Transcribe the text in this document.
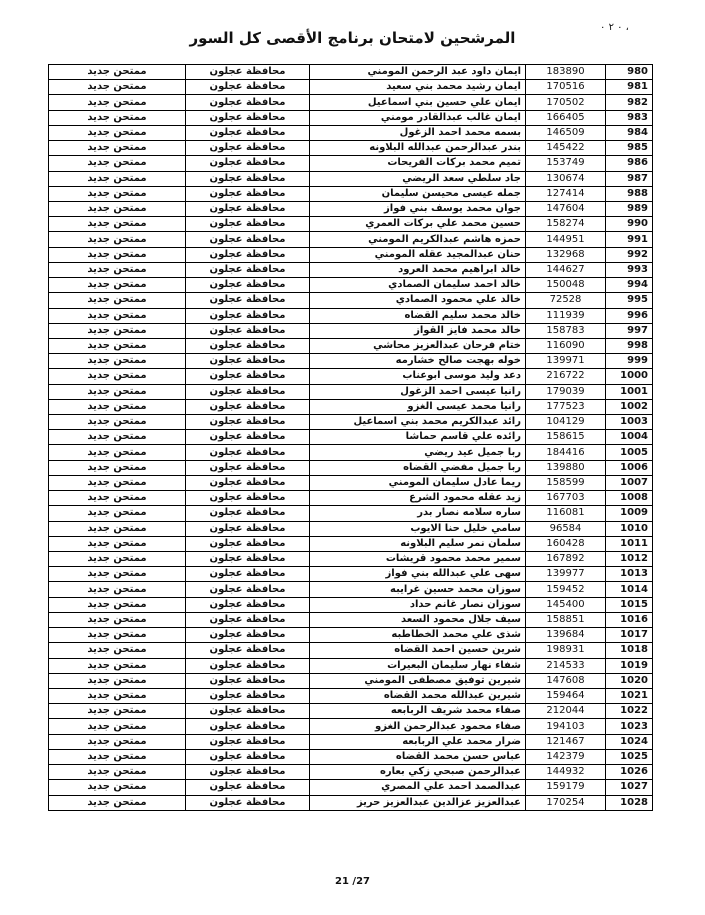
٠ ٢ ٠ ،
المرشحين لامتحان برنامج الأقصى كل السور
980	183890	ايمان داود عبد الرحمن المومني	محافظة عجلون	ممتحن جديد
981	170516	ايمان رشيد محمد بني سعيد	محافظة عجلون	ممتحن جديد
982	170502	ايمان علي حسين بني اسماعيل	محافظة عجلون	ممتحن جديد
983	166405	ايمان غالب عبدالقادر مومني	محافظة عجلون	ممتحن جديد
984	146509	بسمه محمد احمد الزغول	محافظة عجلون	ممتحن جديد
985	145422	بندر عبدالرحمن عبدالله البلاونه	محافظة عجلون	ممتحن جديد
986	153749	تميم محمد بركات الفريحات	محافظة عجلون	ممتحن جديد
987	130674	جاد سلطي سعد الريضي	محافظة عجلون	ممتحن جديد
988	127414	جمله عيسى محيسن سليمان	محافظة عجلون	ممتحن جديد
989	147604	جوان محمد يوسف بني فواز	محافظة عجلون	ممتحن جديد
990	158274	حسين محمد علي بركات العمري	محافظة عجلون	ممتحن جديد
991	144951	حمزه هاشم عبدالكريم المومني	محافظة عجلون	ممتحن جديد
992	132968	حنان عبدالمجيد عقله المومني	محافظة عجلون	ممتحن جديد
993	144627	خالد ابراهيم محمد العرود	محافظة عجلون	ممتحن جديد
994	150048	خالد احمد سليمان الصمادي	محافظة عجلون	ممتحن جديد
995	72528	خالد علي محمود الصمادي	محافظة عجلون	ممتحن جديد
996	111939	خالد محمد سليم القضاه	محافظة عجلون	ممتحن جديد
997	158783	خالد محمد فايز القواز	محافظة عجلون	ممتحن جديد
998	116090	ختام فرحان عبدالعزيز محاشي	محافظة عجلون	ممتحن جديد
999	139971	خوله بهجت صالح خشارمه	محافظة عجلون	ممتحن جديد
1000	216722	دعد وليد موسى ابوعناب	محافظة عجلون	ممتحن جديد
1001	179039	رانيا عيسى احمد الزغول	محافظة عجلون	ممتحن جديد
1002	177523	رانيا محمد عيسى الغزو	محافظة عجلون	ممتحن جديد
1003	104129	رائد عبدالكريم محمد بني اسماعيل	محافظة عجلون	ممتحن جديد
1004	158615	رائده علي قاسم حماشا	محافظة عجلون	ممتحن جديد
1005	184416	ربا جميل عيد ريضي	محافظة عجلون	ممتحن جديد
1006	139880	ربا جميل مفضي القضاه	محافظة عجلون	ممتحن جديد
1007	158599	ريما عادل سليمان المومني	محافظة عجلون	ممتحن جديد
1008	167703	زيد عقله محمود الشرع	محافظة عجلون	ممتحن جديد
1009	116081	ساره سلامه نصار بدر	محافظة عجلون	ممتحن جديد
1010	96584	سامي خليل حنا الايوب	محافظة عجلون	ممتحن جديد
1011	160428	سلمان نمر سليم البلاونه	محافظة عجلون	ممتحن جديد
1012	167892	سمير محمد محمود قريشات	محافظة عجلون	ممتحن جديد
1013	139977	سهى علي عبدالله بني فواز	محافظة عجلون	ممتحن جديد
1014	159452	سوزان محمد حسين غرايبه	محافظة عجلون	ممتحن جديد
1015	145400	سوزان نصار غانم حداد	محافظة عجلون	ممتحن جديد
1016	158851	سيف جلال محمود السعد	محافظة عجلون	ممتحن جديد
1017	139684	شذى علي محمد الخطاطبه	محافظة عجلون	ممتحن جديد
1018	198931	شرين حسين احمد القضاه	محافظة عجلون	ممتحن جديد
1019	214533	شفاء نهار سليمان البعيرات	محافظة عجلون	ممتحن جديد
1020	147608	شيرين توفيق مصطفى المومني	محافظة عجلون	ممتحن جديد
1021	159464	شيرين عبدالله محمد القضاه	محافظة عجلون	ممتحن جديد
1022	212044	صفاء محمد شريف الربابعه	محافظة عجلون	ممتحن جديد
1023	194103	صفاء محمود عبدالرحمن الغزو	محافظة عجلون	ممتحن جديد
1024	121467	ضرار محمد علي الربابعه	محافظة عجلون	ممتحن جديد
1025	142379	عباس حسن محمد القضاه	محافظة عجلون	ممتحن جديد
1026	144932	عبدالرحمن صبحي زكي بعاره	محافظة عجلون	ممتحن جديد
1027	159179	عبدالصمد احمد علي المصري	محافظة عجلون	ممتحن جديد
1028	170254	عبدالعزيز عزالدين عبدالعزيز حريز	محافظة عجلون	ممتحن جديد
21 /27
